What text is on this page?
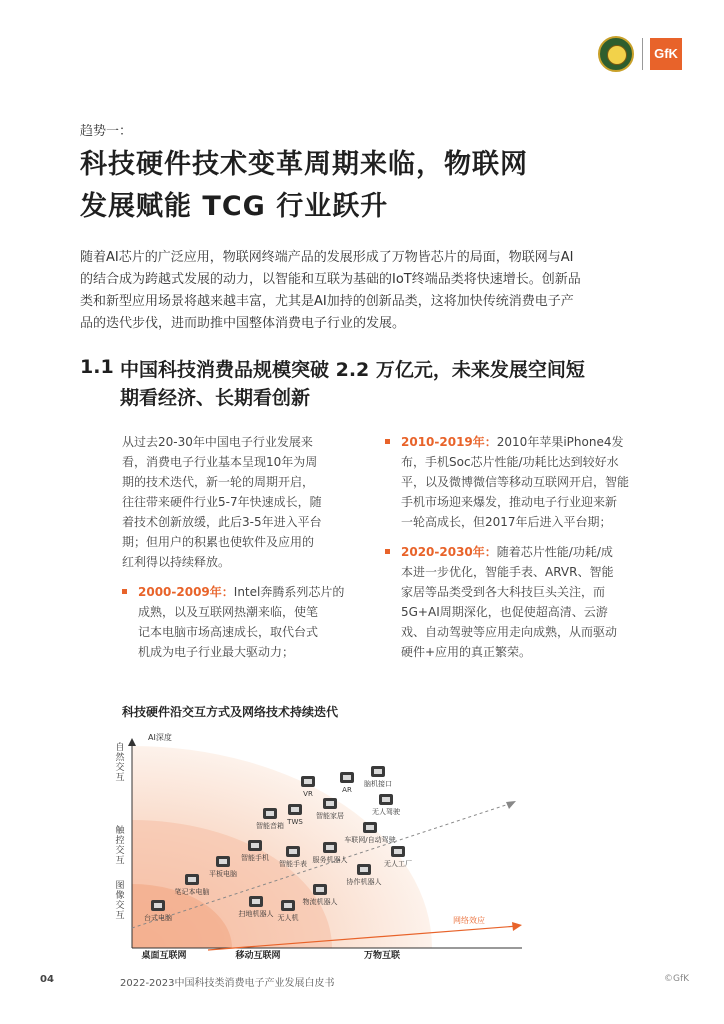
GfK
趋势一：
科技硬件技术变革周期来临，物联网
发展赋能 TCG 行业跃升
随着AI芯片的广泛应用，物联网终端产品的发展形成了万物皆芯片的局面，物联网与AI
的结合成为跨越式发展的动力，以智能和互联为基础的IoT终端品类将快速增长。创新品
类和新型应用场景将越来越丰富，尤其是AI加持的创新品类，这将加快传统消费电子产
品的迭代步伐，进而助推中国整体消费电子行业的发展。
1.1 中国科技消费品规模突破 2.2 万亿元，未来发展空间短
期看经济、长期看创新
从过去20-30年中国电子行业发展来
看，消费电子行业基本呈现10年为周
期的技术迭代，新一轮的周期开启，
往往带来硬件行业5-7年快速成长，随
着技术创新放缓，此后3-5年进入平台
期；但用户的积累也使软件及应用的
红利得以持续释放。
2000-2009年：Intel奔腾系列芯片的
成熟，以及互联网热潮来临，使笔
记本电脑市场高速成长，取代台式
机成为电子行业最大驱动力；
2010-2019年：2010年苹果iPhone4发
布，手机Soc芯片性能/功耗比达到较好水
平，以及微博微信等移动互联网开启，智能
手机市场迎来爆发，推动电子行业迎来新
一轮高成长，但2017年后进入平台期；
2020-2030年：随着芯片性能/功耗/成
本进一步优化，智能手表、ARVR、智能
家居等品类受到各大科技巨头关注，而
5G+AI周期深化，也促使超高清、云游
戏、自动驾驶等应用走向成熟，从而驱动
硬件+应用的真正繁荣。
科技硬件沿交互方式及网络技术持续迭代
AI深度
网络效应
自
然
交
互
触
控
交
互
图
像
交
互
桌面互联网	移动互联网	万物互联
台式电脑
笔记本电脑
平板电脑
智能手机
智能音箱 TWS
VR	AR
智能家居
脑机接口
无人驾驶
车联网/自动驾驶
智能手表 服务机器人
协作机器人
无人工厂
物流机器人
无人机
扫地机器人
04	2022-2023中国科技类消费电子产业发展白皮书	©GfK
